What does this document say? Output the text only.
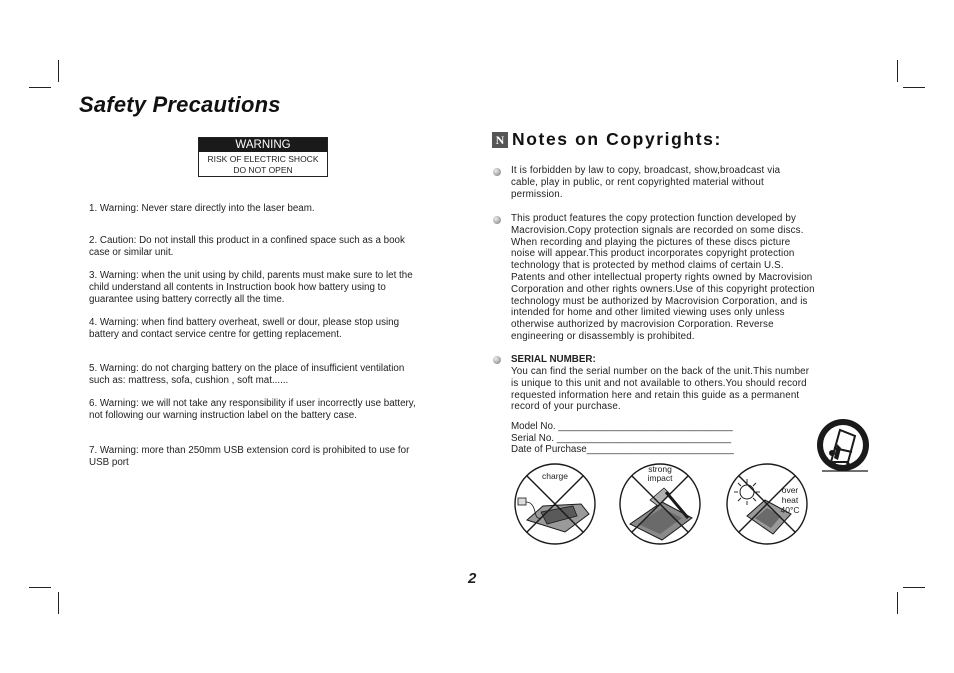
Safety Precautions
WARNING
RISK OF ELECTRIC SHOCK
DO NOT OPEN

1. Warning: Never stare directly into the laser beam.

2. Caution: Do not install this product in a confined space such as a book case or similar unit.

3. Warning: when the unit using by child, parents must make sure to let the child understand all contents in Instruction book how battery using to guarantee using battery correctly all the time.

4. Warning: when find battery overheat, swell or dour, please stop using battery and contact service centre for getting replacement.

5. Warning: do not charging battery on the place of insufficient ventilation such as: mattress, sofa, cushion , soft mat......

6. Warning: we will not take any responsibility if user incorrectly use battery, not following our warning instruction label on the battery case.

7. Warning: more than 250mm USB extension cord is prohibited to use for USB port

N Notes on Copyrights:

It is forbidden by law to copy, broadcast, show,broadcast via
cable, play in public, or rent copyrighted material without
permission.

This product features the copy protection function developed by
Macrovision.Copy protection signals are recorded on some discs.
When recording and playing the pictures of these discs picture
noise will appear.This product incorporates copyright protection
technology that is protected by method claims of certain U.S.
Patents and other intellectual property rights owned by Macrovision
Corporation and other rights owners.Use of this copyright protection
technology must be authorized by Macrovision Corporation, and is
intended for home and other limited viewing uses only unless
otherwise authorized by macrovision Corporation. Reverse
engineering or disassembly is prohibited.

SERIAL NUMBER:

You can find the serial number on the back of the unit.This number
is unique to this unit and not available to others.You should record
requested information here and retain this guide as a permanent
record of your purchase.

Model No. ________________________________
Serial No. ________________________________
Date of Purchase___________________________
charge
strong
impact
over
heat
40°C
2
